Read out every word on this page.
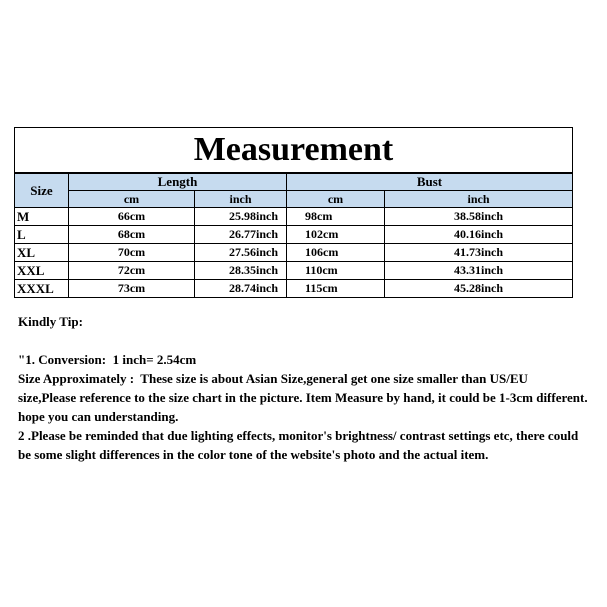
Measurement				
Size	Length		Bust	
	cm	inch	cm	inch
M	66cm	25.98inch	98cm	38.58inch
L	68cm	26.77inch	102cm	40.16inch
XL	70cm	27.56inch	106cm	41.73inch
XXL	72cm	28.35inch	110cm	43.31inch
XXXL	73cm	28.74inch	115cm	45.28inch

Kindly Tip:

"1. Conversion:  1 inch= 2.54cm

Size Approximately :  These size is about Asian Size,general get one size smaller than US/EU size,Please reference to the size chart in the picture. Item Measure by hand, it could be 1-3cm different. hope you can understanding.

2 .Please be reminded that due lighting effects, monitor's brightness/ contrast settings etc, there could be some slight differences in the color tone of the website's photo and the actual item.
